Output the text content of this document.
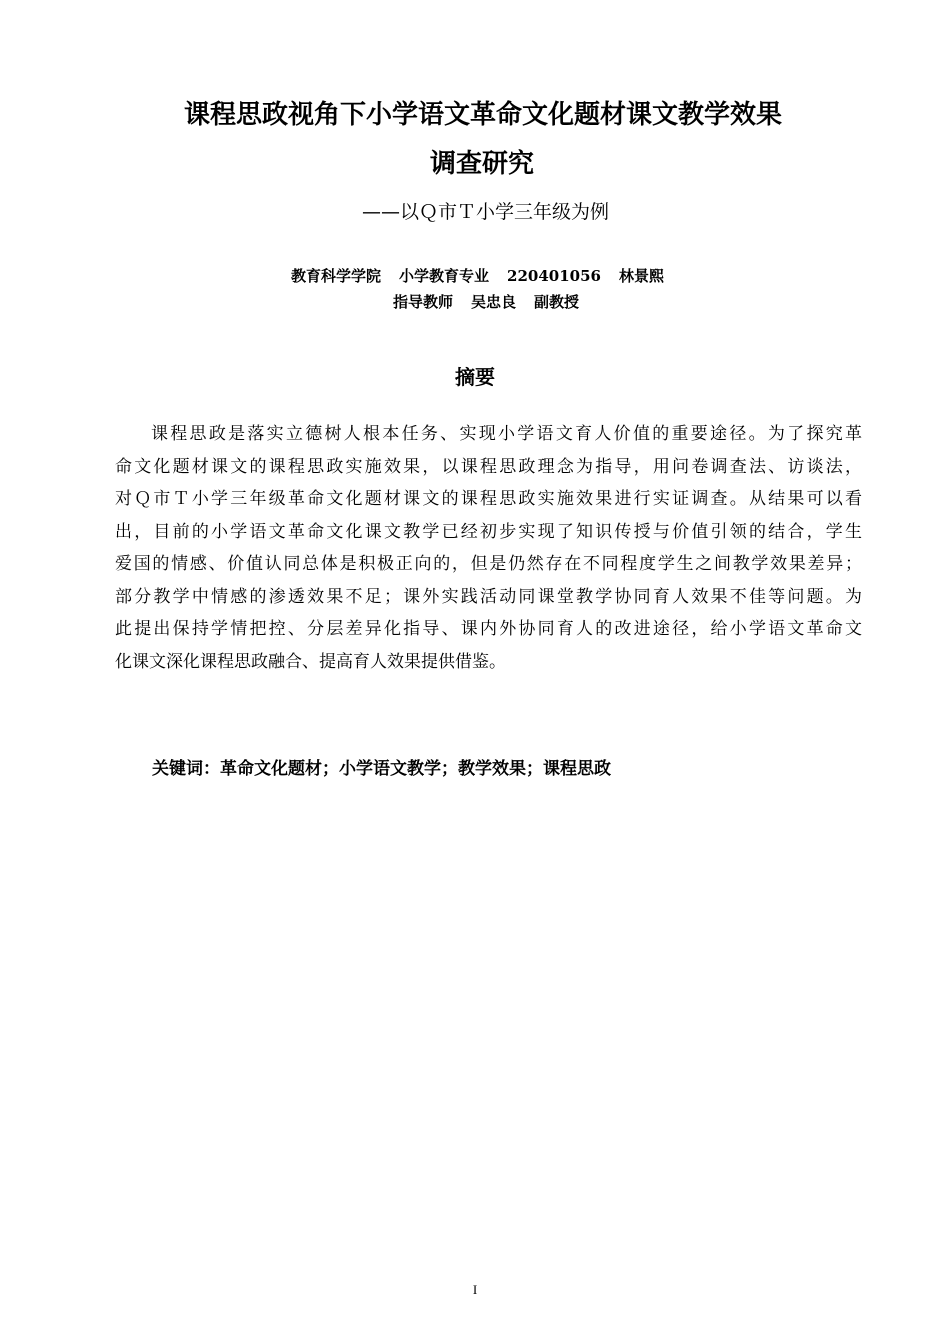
课程思政视角下小学语文革命文化题材课文教学效果
调查研究
——以Ｑ市Ｔ小学三年级为例
教育科学学院 小学教育专业 220401056 林景熙
指导教师 吴忠良 副教授
摘要
课程思政是落实立德树人根本任务、实现小学语文育人价值的重要途径。为了探究革
命文化题材课文的课程思政实施效果，以课程思政理念为指导，用问卷调查法、访谈法，
对Ｑ市Ｔ小学三年级革命文化题材课文的课程思政实施效果进行实证调查。从结果可以看
出，目前的小学语文革命文化课文教学已经初步实现了知识传授与价值引领的结合，学生
爱国的情感、价值认同总体是积极正向的，但是仍然存在不同程度学生之间教学效果差异；
部分教学中情感的渗透效果不足；课外实践活动同课堂教学协同育人效果不佳等问题。为
此提出保持学情把控、分层差异化指导、课内外协同育人的改进途径，给小学语文革命文
化课文深化课程思政融合、提高育人效果提供借鉴。
关键词：革命文化题材；小学语文教学；教学效果；课程思政
I
